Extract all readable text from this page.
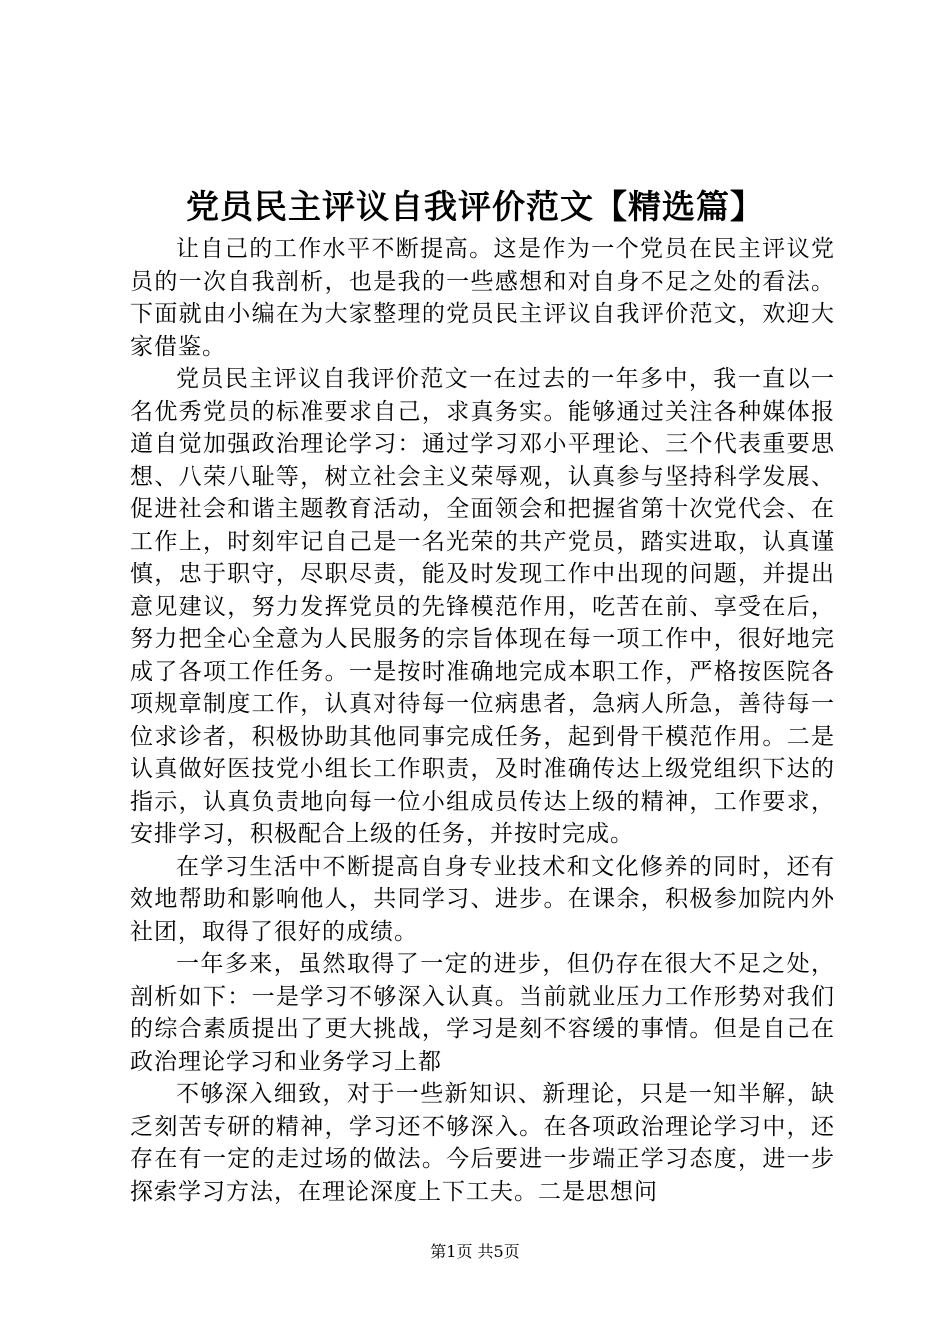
党员民主评议自我评价范文【精选篇】

让自己的工作水平不断提高。这是作为一个党员在民主评议党员的一次自我剖析，也是我的一些感想和对自身不足之处的看法。下面就由小编在为大家整理的党员民主评议自我评价范文，欢迎大家借鉴。

党员民主评议自我评价范文一在过去的一年多中，我一直以一名优秀党员的标准要求自己，求真务实。能够通过关注各种媒体报道自觉加强政治理论学习：通过学习邓小平理论、三个代表重要思想、八荣八耻等，树立社会主义荣辱观，认真参与坚持科学发展、促进社会和谐主题教育活动，全面领会和把握省第十次党代会、在工作上，时刻牢记自己是一名光荣的共产党员，踏实进取，认真谨慎，忠于职守，尽职尽责，能及时发现工作中出现的问题，并提出意见建议，努力发挥党员的先锋模范作用，吃苦在前、享受在后，努力把全心全意为人民服务的宗旨体现在每一项工作中，很好地完成了各项工作任务。一是按时准确地完成本职工作，严格按医院各项规章制度工作，认真对待每一位病患者，急病人所急，善待每一位求诊者，积极协助其他同事完成任务，起到骨干模范作用。二是认真做好医技党小组长工作职责，及时准确传达上级党组织下达的指示，认真负责地向每一位小组成员传达上级的精神，工作要求，安排学习，积极配合上级的任务，并按时完成。

在学习生活中不断提高自身专业技术和文化修养的同时，还有效地帮助和影响他人，共同学习、进步。在课余，积极参加院内外社团，取得了很好的成绩。

一年多来，虽然取得了一定的进步，但仍存在很大不足之处，剖析如下：一是学习不够深入认真。当前就业压力工作形势对我们的综合素质提出了更大挑战，学习是刻不容缓的事情。但是自己在政治理论学习和业务学习上都

不够深入细致，对于一些新知识、新理论，只是一知半解，缺乏刻苦专研的精神，学习还不够深入。在各项政治理论学习中，还存在有一定的走过场的做法。今后要进一步端正学习态度，进一步探索学习方法，在理论深度上下工夫。二是思想问

第1页 共5页
